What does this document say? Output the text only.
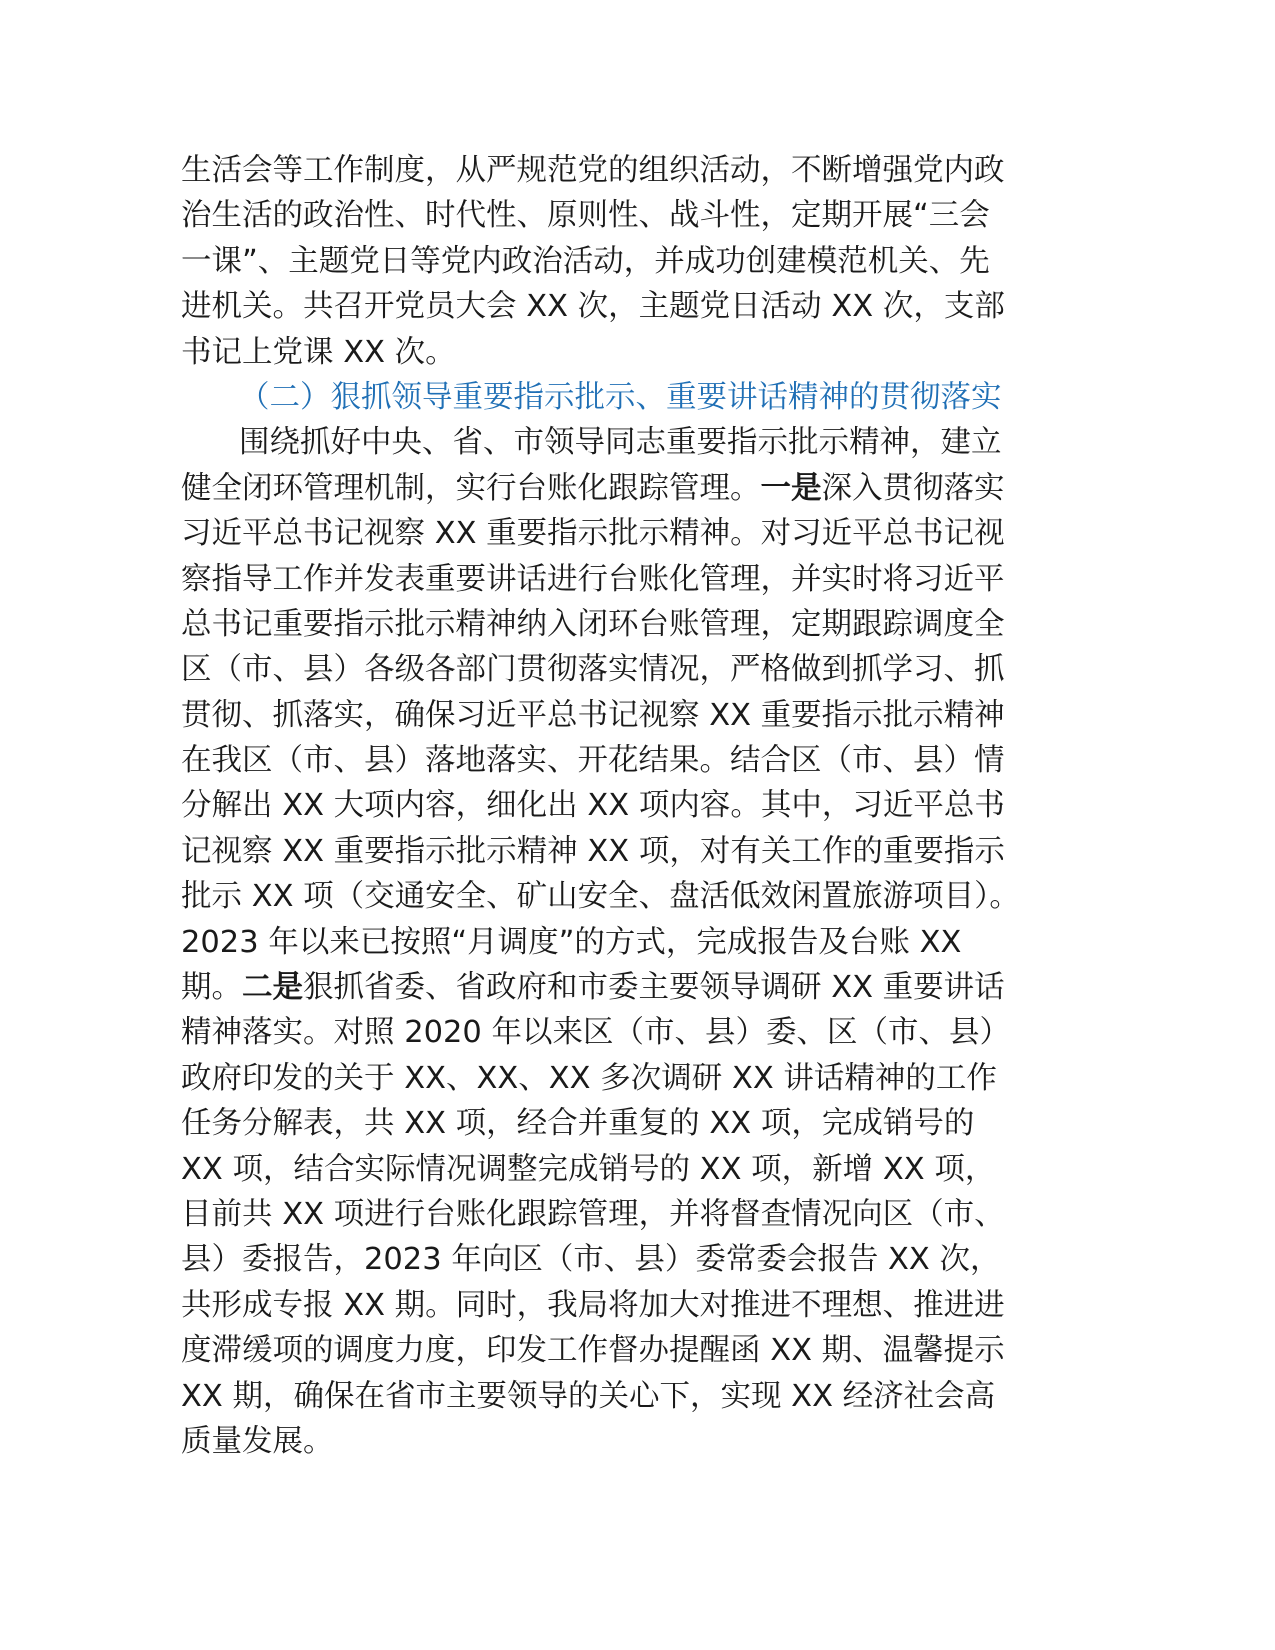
生活会等工作制度，从严规范党的组织活动，不断增强党内政
治生活的政治性、时代性、原则性、战斗性，定期开展“三会
一课”、主题党日等党内政治活动，并成功创建模范机关、先
进机关。共召开党员大会 XX 次，主题党日活动 XX 次，支部
书记上党课 XX 次。
（二）狠抓领导重要指示批示、重要讲话精神的贯彻落实
围绕抓好中央、省、市领导同志重要指示批示精神，建立
健全闭环管理机制，实行台账化跟踪管理。一是深入贯彻落实
习近平总书记视察 XX 重要指示批示精神。对习近平总书记视
察指导工作并发表重要讲话进行台账化管理，并实时将习近平
总书记重要指示批示精神纳入闭环台账管理，定期跟踪调度全
区（市、县）各级各部门贯彻落实情况，严格做到抓学习、抓
贯彻、抓落实，确保习近平总书记视察 XX 重要指示批示精神
在我区（市、县）落地落实、开花结果。结合区（市、县）情
分解出 XX 大项内容，细化出 XX 项内容。其中，习近平总书
记视察 XX 重要指示批示精神 XX 项，对有关工作的重要指示
批示 XX 项（交通安全、矿山安全、盘活低效闲置旅游项目）。
2023 年以来已按照“月调度”的方式，完成报告及台账 XX
期。二是狠抓省委、省政府和市委主要领导调研 XX 重要讲话
精神落实。对照 2020 年以来区（市、县）委、区（市、县）
政府印发的关于 XX、XX、XX 多次调研 XX 讲话精神的工作
任务分解表，共 XX 项，经合并重复的 XX 项，完成销号的
XX 项，结合实际情况调整完成销号的 XX 项，新增 XX 项，
目前共 XX 项进行台账化跟踪管理，并将督查情况向区（市、
县）委报告，2023 年向区（市、县）委常委会报告 XX 次，
共形成专报 XX 期。同时，我局将加大对推进不理想、推进进
度滞缓项的调度力度，印发工作督办提醒函 XX 期、温馨提示
XX 期，确保在省市主要领导的关心下，实现 XX 经济社会高
质量发展。
